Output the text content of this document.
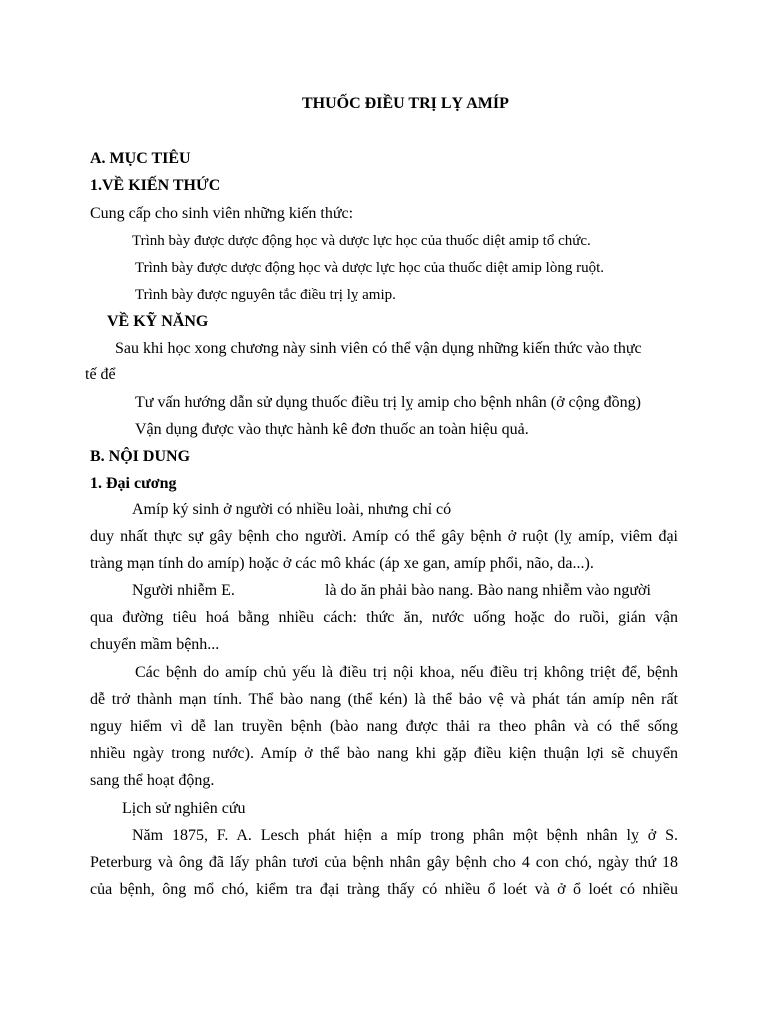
THUỐC ĐIỀU TRỊ LỴ AMÍP
A. MỤC TIÊU
1.VỀ KIẾN THỨC
Cung cấp cho sinh viên những kiến thức:
Trình bày được dược động học và dược lực học của thuốc diệt amip tổ chức.
Trình bày được dược động học và dược lực học của thuốc diệt amip lòng ruột.
Trình bày được nguyên tắc điều trị lỵ amip.
VỀ KỸ NĂNG
Sau khi học xong chương này sinh viên có thể vận dụng những kiến thức vào thực
tế để
Tư vấn hướng dẫn sử dụng thuốc điều trị lỵ amip cho bệnh nhân (ở cộng đồng)
Vận dụng được vào thực hành kê đơn thuốc an toàn hiệu quả.
B. NỘI DUNG
1. Đại cương
Amíp ký sinh ở người có nhiều loài, nhưng chỉ có
duy nhất thực sự gây bệnh cho người. Amíp có thể gây bệnh ở ruột (lỵ amíp, viêm đại
tràng mạn tính do amíp) hoặc ở các mô khác (áp xe gan, amíp phổi, não, da...).
Người nhiễm E.	là do ăn phải bào nang. Bào nang nhiễm vào người
qua đường tiêu hoá bằng nhiều cách: thức ăn, nước uống hoặc do ruồi, gián vận
chuyển mầm bệnh...
Các bệnh do amíp chủ yếu là điều trị nội khoa, nếu điều trị không triệt để, bệnh
dễ trở thành mạn tính. Thể bào nang (thể kén) là thể bảo vệ và phát tán amíp nên rất
nguy hiểm vì dễ lan truyền bệnh (bào nang được thải ra theo phân và có thể sống
nhiều ngày trong nước). Amíp ở thể bào nang khi gặp điều kiện thuận lợi sẽ chuyển
sang thể hoạt động.
Lịch sử nghiên cứu
Năm 1875, F. A. Lesch phát hiện a míp trong phân một bệnh nhân lỵ ở S.
Peterburg và ông đã lấy phân tươi của bệnh nhân gây bệnh cho 4 con chó, ngày thứ 18
của bệnh, ông mổ chó, kiểm tra đại tràng thấy có nhiều ổ loét và ở ổ loét có nhiều
